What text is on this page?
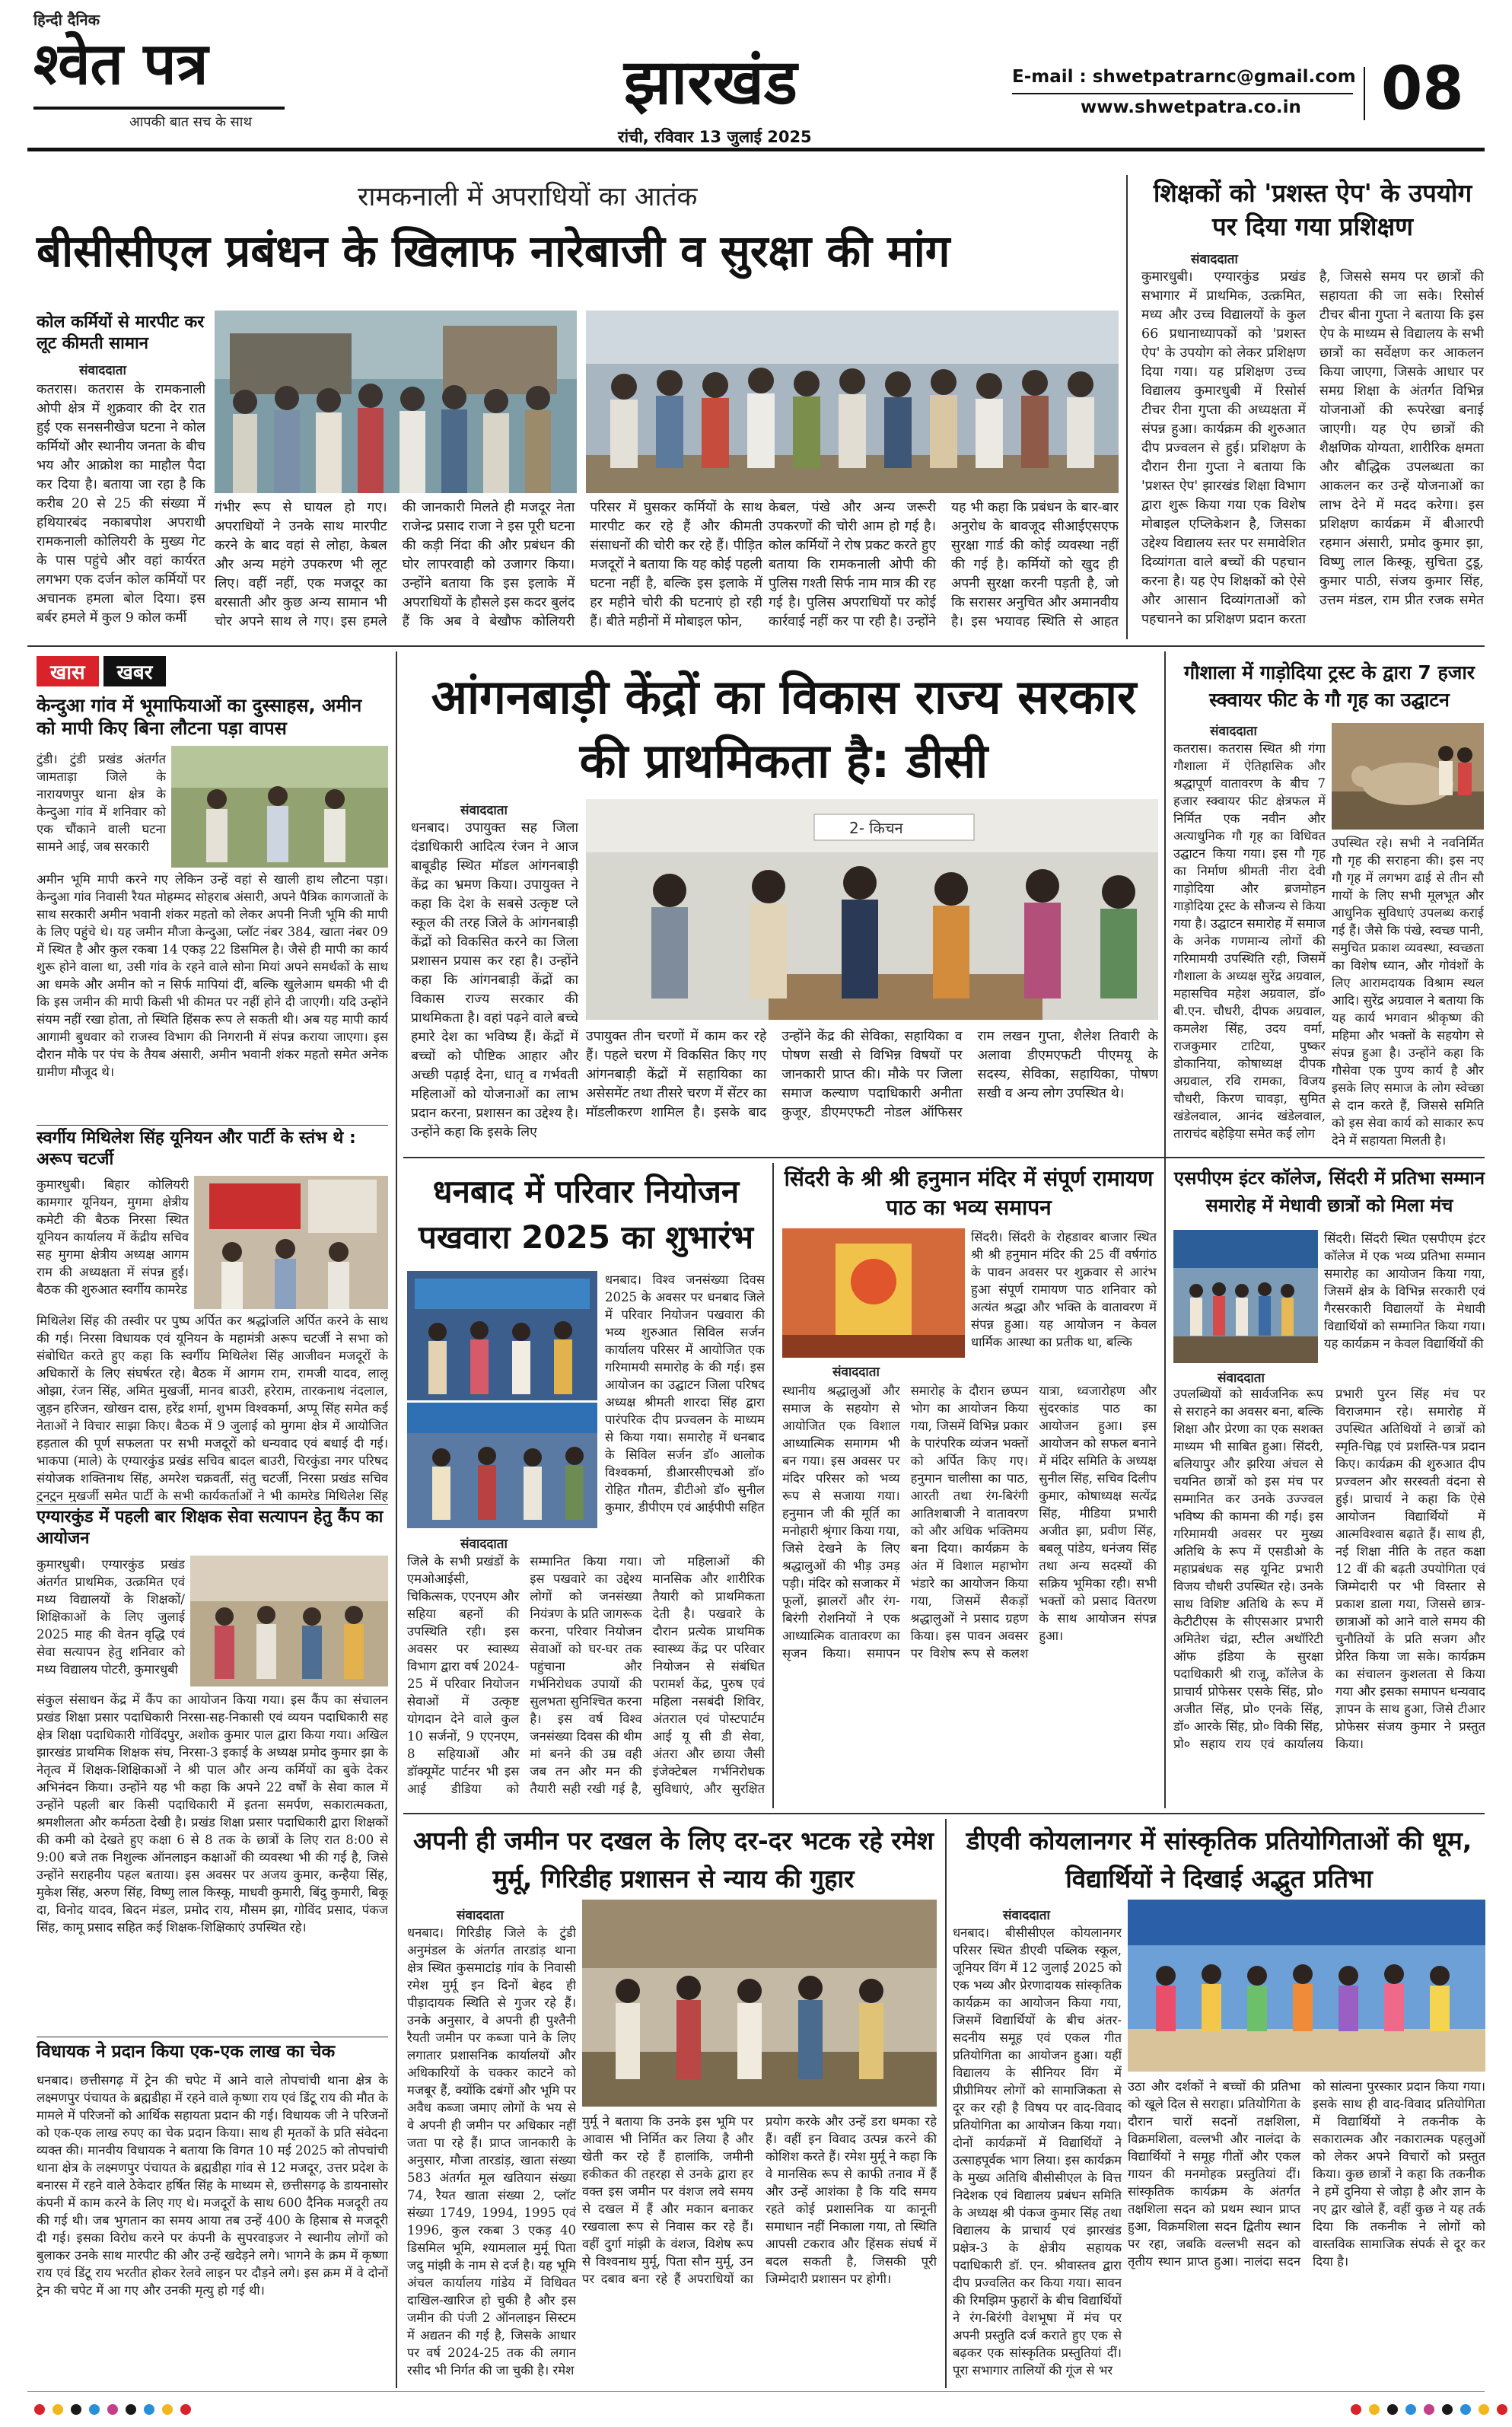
हिन्दी दैनिक
श्वेत पत्र
आपकी बात सच के साथ
झारखंड
रांची, रविवार 13 जुलाई 2025
E-mail : shwetpatrarnc@gmail.com
www.shwetpatra.co.in 08
रामकनाली में अपराधियों का आतंक
बीसीसीएल प्रबंधन के खिलाफ नारेबाजी व सुरक्षा की मांग
कोल कर्मियों से मारपीट कर लूट कीमती सामान
संवाददाता
कतरास। कतरास के रामकनाली ओपी क्षेत्र में शुक्रवार की देर रात हुई एक सनसनीखेज घटना ने कोल कर्मियों और स्थानीय जनता के बीच भय और आक्रोश का माहौल पैदा कर दिया है। बताया जा रहा है कि करीब 20 से 25 की संख्या में हथियारबंद नकाबपोश अपराधी रामकनाली कोलियरी के मुख्य गेट के पास पहुंचे और वहां कार्यरत लगभग एक दर्जन कोल कर्मियों पर अचानक हमला बोल दिया। इस बर्बर हमले में कुल 9 कोल कर्मी
गंभीर रूप से घायल हो गए। अपराधियों ने उनके साथ मारपीट करने के बाद वहां से लोहा, केबल और अन्य महंगे उपकरण भी लूट लिए। वहीं नहीं, एक मजदूर का बरसाती और कुछ अन्य सामान भी चोर अपने साथ ले गए। इस हमले की जानकारी मिलते ही मजदूर नेता राजेन्द्र प्रसाद राजा ने इस पूरी घटना की कड़ी निंदा की और प्रबंधन की घोर लापरवाही को उजागर किया। उन्होंने बताया कि इस इलाके में अपराधियों के हौसले इस कदर बुलंद हैं कि अब वे बेखौफ कोलियरी परिसर में घुसकर कर्मियों के साथ मारपीट कर रहे हैं और कीमती संसाधनों की चोरी कर रहे हैं। पीड़ित मजदूरों ने बताया कि यह कोई पहली घटना नहीं है, बल्कि इस इलाके में हर महीने चोरी की घटनाएं हो रही हैं। बीते महीनों में मोबाइल फोन,
केबल, पंखे और अन्य जरूरी उपकरणों की चोरी आम हो गई है। कोल कर्मियों ने रोष प्रकट करते हुए बताया कि रामकनाली ओपी की पुलिस गश्ती सिर्फ नाम मात्र की रह गई है। पुलिस अपराधियों पर कोई कार्रवाई नहीं कर पा रही है। उन्होंने यह भी कहा कि प्रबंधन के बार-बार अनुरोध के बावजूद सीआईएसएफ सुरक्षा गार्ड की कोई व्यवस्था नहीं की गई है। कर्मियों को खुद ही अपनी सुरक्षा करनी पड़ती है, जो कि सरासर अनुचित और अमानवीय है। इस भयावह स्थिति से आहत
शिक्षकों को 'प्रशस्त ऐप' के उपयोग पर दिया गया प्रशिक्षण
संवाददाता
कुमारधुबी। एग्यारकुंड प्रखंड सभागार में प्राथमिक, उत्क्रमित, मध्य और उच्च विद्यालयों के कुल 66 प्रधानाध्यापकों को 'प्रशस्त ऐप' के उपयोग को लेकर प्रशिक्षण दिया गया। यह प्रशिक्षण उच्च विद्यालय कुमारधुबी में रिसोर्स टीचर रीना गुप्ता की अध्यक्षता में संपन्न हुआ। कार्यक्रम की शुरुआत दीप प्रज्वलन से हुई। प्रशिक्षण के दौरान रीना गुप्ता ने बताया कि 'प्रशस्त ऐप' झारखंड शिक्षा विभाग द्वारा शुरू किया गया एक विशेष मोबाइल एप्लिकेशन है, जिसका उद्देश्य विद्यालय स्तर पर समावेशित दिव्यांगता वाले बच्चों की पहचान करना है। यह ऐप शिक्षकों को ऐसे और आसान दिव्यांगताओं को पहचानने का प्रशिक्षण प्रदान करता है, जिससे समय पर छात्रों की सहायता की जा सके। रिसोर्स टीचर बीना गुप्ता ने बताया कि इस ऐप के माध्यम से विद्यालय के सभी छात्रों का सर्वेक्षण कर आकलन किया जाएगा, जिसके आधार पर समग्र शिक्षा के अंतर्गत विभिन्न योजनाओं की रूपरेखा बनाई जाएगी। यह ऐप छात्रों की शैक्षणिक योग्यता, शारीरिक क्षमता और बौद्धिक उपलब्धता का आकलन कर उन्हें योजनाओं का लाभ देने में मदद करेगा। इस प्रशिक्षण कार्यक्रम में बीआरपी रहमान अंसारी, प्रमोद कुमार झा, विष्णु लाल किस्कू, सुचिता टुडू, कुमार पाठी, संजय कुमार सिंह, उत्तम मंडल, राम प्रीत रजक समेत
खास खबर
केन्दुआ गांव में भूमाफियाओं का दुस्साहस, अमीन को मापी किए बिना लौटना पड़ा वापस
टुंडी। टुंडी प्रखंड अंतर्गत जामताड़ा जिले के नारायणपुर थाना क्षेत्र के केन्दुआ गांव में शनिवार को एक चौंकाने वाली घटना सामने आई, जब सरकारी
अमीन भूमि मापी करने गए लेकिन उन्हें वहां से खाली हाथ लौटना पड़ा। केन्दुआ गांव निवासी रैयत मोहम्मद सोहराब अंसारी, अपने पैत्रिक कागजातों के साथ सरकारी अमीन भवानी शंकर महतो को लेकर अपनी निजी भूमि की मापी के लिए पहुंचे थे। यह जमीन मौजा केन्दुआ, प्लॉट नंबर 384, खाता नंबर 09 में स्थित है और कुल रकबा 14 एकड़ 22 डिसमिल है। जैसे ही मापी का कार्य शुरू होने वाला था, उसी गांव के रहने वाले सोना मियां अपने समर्थकों के साथ आ धमके और अमीन को न सिर्फ मापियां दीं, बल्कि खुलेआम धमकी भी दी कि इस जमीन की मापी किसी भी कीमत पर नहीं होने दी जाएगी। यदि उन्होंने संयम नहीं रखा होता, तो स्थिति हिंसक रूप ले सकती थी। अब यह मापी कार्य आगामी बुधवार को राजस्व विभाग की निगरानी में संपन्न कराया जाएगा। इस दौरान मौके पर पंच के तैयब अंसारी, अमीन भवानी शंकर महतो समेत अनेक ग्रामीण मौजूद थे।
स्वर्गीय मिथिलेश सिंह यूनियन और पार्टी के स्तंभ थे : अरूप चटर्जी
कुमारधुबी। बिहार कोलियरी कामगार यूनियन, मुगमा क्षेत्रीय कमेटी की बैठक निरसा स्थित यूनियन कार्यालय में केंद्रीय सचिव सह मुगमा क्षेत्रीय अध्यक्ष आगम राम की अध्यक्षता में संपन्न हुई। बैठक की शुरुआत स्वर्गीय कामरेड
मिथिलेश सिंह की तस्वीर पर पुष्प अर्पित कर श्रद्धांजलि अर्पित करने के साथ की गई। निरसा विधायक एवं यूनियन के महामंत्री अरूप चटर्जी ने सभा को संबोधित करते हुए कहा कि स्वर्गीय मिथिलेश सिंह आजीवन मजदूरों के अधिकारों के लिए संघर्षरत रहे। बैठक में आगम राम, रामजी यादव, लालू ओझा, रंजन सिंह, अमित मुखर्जी, मानव बाउरी, हरेराम, तारकनाथ नंदलाल, जुड़न हरिजन, खोखन दास, हरेंद्र शर्मा, शुभम विश्वकर्मा, अप्पू सिंह समेत कई नेताओं ने विचार साझा किए। बैठक में 9 जुलाई को मुगमा क्षेत्र में आयोजित हड़ताल की पूर्ण सफलता पर सभी मजदूरों को धन्यवाद एवं बधाई दी गई। भाकपा (माले) के एग्यारकुंड प्रखंड सचिव बादल बाउरी, चिरकुंडा नगर परिषद संयोजक शक्तिनाथ सिंह, अमरेश चक्रवर्ती, संतु चटर्जी, निरसा प्रखंड सचिव टुनटुन मुखर्जी समेत पार्टी के सभी कार्यकर्ताओं ने भी कामरेड मिथिलेश सिंह
एग्यारकुंड में पहली बार शिक्षक सेवा सत्यापन हेतु कैंप का आयोजन
कुमारधुबी। एग्यारकुंड प्रखंड अंतर्गत प्राथमिक, उत्क्रमित एवं मध्य विद्यालयों के शिक्षकों/शिक्षिकाओं के लिए जुलाई 2025 माह की वेतन वृद्धि एवं सेवा सत्यापन हेतु शनिवार को मध्य विद्यालय पोटरी, कुमारधुबी
संकुल संसाधन केंद्र में कैंप का आयोजन किया गया। इस कैंप का संचालन प्रखंड शिक्षा प्रसार पदाधिकारी निरसा-सह-निकासी एवं व्ययन पदाधिकारी सह क्षेत्र शिक्षा पदाधिकारी गोविंदपुर, अशोक कुमार पाल द्वारा किया गया। अखिल झारखंड प्राथमिक शिक्षक संघ, निरसा-3 इकाई के अध्यक्ष प्रमोद कुमार झा के नेतृत्व में शिक्षक-शिक्षिकाओं ने श्री पाल और अन्य कर्मियों का बुके देकर अभिनंदन किया। उन्होंने यह भी कहा कि अपने 22 वर्षों के सेवा काल में उन्होंने पहली बार किसी पदाधिकारी में इतना समर्पण, सकारात्मकता, श्रमशीलता और कर्मठता देखी है। प्रखंड शिक्षा प्रसार पदाधिकारी द्वारा शिक्षकों की कमी को देखते हुए कक्षा 6 से 8 तक के छात्रों के लिए रात 8:00 से 9:00 बजे तक निशुल्क ऑनलाइन कक्षाओं की व्यवस्था भी की गई है, जिसे उन्होंने सराहनीय पहल बताया। इस अवसर पर अजय कुमार, कन्हैया सिंह, मुकेश सिंह, अरुण सिंह, विष्णु लाल किस्कू, माधवी कुमारी, बिंदु कुमारी, बिकू दा, विनोद यादव, बिदन मंडल, प्रमोद राय, मौसम झा, गोविंद प्रसाद, पंकज सिंह, कामू प्रसाद सहित कई शिक्षक-शिक्षिकाएं उपस्थित रहे।
विधायक ने प्रदान किया एक-एक लाख का चेक
धनबाद। छत्तीसगढ़ में ट्रेन की चपेट में आने वाले तोपचांची थाना क्षेत्र के लक्ष्मणपुर पंचायत के ब्रह्मडीहा में रहने वाले कृष्णा राय एवं डिंटू राय की मौत के मामले में परिजनों को आर्थिक सहायता प्रदान की गई। विधायक जी ने परिजनों को एक-एक लाख रुपए का चेक प्रदान किया। साथ ही मृतकों के प्रति संवेदना व्यक्त की। मानवीय विधायक ने बताया कि विगत 10 मई 2025 को तोपचांची थाना क्षेत्र के लक्ष्मणपुर पंचायत के ब्रह्मडीहा गांव से 12 मजदूर, उत्तर प्रदेश के बनारस में रहने वाले ठेकेदार हर्षित सिंह के माध्यम से, छत्तीसगढ़ के डायनासोर कंपनी में काम करने के लिए गए थे। मजदूरों के साथ 600 दैनिक मजदूरी तय की गई थी। जब भुगतान का समय आया तब उन्हें 400 के हिसाब से मजदूरी दी गई। इसका विरोध करने पर कंपनी के सुपरवाइजर ने स्थानीय लोगों को बुलाकर उनके साथ मारपीट की और उन्हें खदेड़ने लगे। भागने के क्रम में कृष्णा राय एवं डिंटू राय भरतीत होकर रेलवे लाइन पर दौड़ने लगे। इस क्रम में वे दोनों ट्रेन की चपेट में आ गए और उनकी मृत्यु हो गई थी।
आंगनबाड़ी केंद्रों का विकास राज्य सरकार की प्राथमिकता है: डीसी
संवाददाता
धनबाद। उपायुक्त सह जिला दंडाधिकारी आदित्य रंजन ने आज बाबूडीह स्थित मॉडल आंगनबाड़ी केंद्र का भ्रमण किया। उपायुक्त ने कहा कि देश के सबसे उत्कृष्ट प्ले स्कूल की तरह जिले के आंगनबाड़ी केंद्रों को विकसित करने का जिला प्रशासन प्रयास कर रहा है। उन्होंने कहा कि आंगनबाड़ी केंद्रों का विकास राज्य सरकार की प्राथमिकता है। वहां पढ़ने वाले बच्चे हमारे देश का भविष्य हैं। केंद्रों में बच्चों को पौष्टिक आहार और अच्छी पढ़ाई देना, धातृ व गर्भवती महिलाओं को योजनाओं का लाभ प्रदान करना, प्रशासन का उद्देश्य है। उन्होंने कहा कि इसके लिए
2- किचन
उपायुक्त तीन चरणों में काम कर रहे हैं। पहले चरण में विकसित किए गए आंगनबाड़ी केंद्रों में सहायिका का असेसमेंट तथा तीसरे चरण में सेंटर का मॉडलीकरण शामिल है। इसके बाद उन्होंने केंद्र की सेविका, सहायिका व पोषण सखी से विभिन्न विषयों पर जानकारी प्राप्त की। मौके पर जिला समाज कल्याण पदाधिकारी अनीता कुजूर, डीएमएफटी नोडल ऑफिसर राम लखन गुप्ता, शैलेश तिवारी के अलावा डीएमएफटी पीएमयू के सदस्य, सेविका, सहायिका, पोषण सखी व अन्य लोग उपस्थित थे।
धनबाद में परिवार नियोजन पखवारा 2025 का शुभारंभ
धनबाद। विश्व जनसंख्या दिवस 2025 के अवसर पर धनबाद जिले में परिवार नियोजन पखवारा की भव्य शुरुआत सिविल सर्जन कार्यालय परिसर में आयोजित एक गरिमामयी समारोह के की गई। इस आयोजन का उद्घाटन जिला परिषद अध्यक्ष श्रीमती शारदा सिंह द्वारा पारंपरिक दीप प्रज्वलन के माध्यम से किया गया। समारोह में धनबाद के सिविल सर्जन डॉ० आलोक विश्वकर्मा, डीआरसीएचओ डॉ० रोहित गौतम, डीटीओ डॉ० सुनील कुमार, डीपीएम एवं आईपीपी सहित
संवाददाता
जिले के सभी प्रखंडों के एमओआईसी, चिकित्सक, एएनएम और सहिया बहनों की उपस्थिति रही। इस अवसर पर स्वास्थ्य विभाग द्वारा वर्ष 2024-25 में परिवार नियोजन सेवाओं में उत्कृष्ट योगदान देने वाले कुल 10 सर्जनों, 9 एएनएम, 8 सहियाओं और डॉक्यूमेंट पार्टनर भी इस आई डीडिया को सम्मानित किया गया। इस पखवारे का उद्देश्य लोगों को जनसंख्या नियंत्रण के प्रति जागरूक करना, परिवार नियोजन सेवाओं को घर-घर तक पहुंचाना और गर्भनिरोधक उपायों की सुलभता सुनिश्चित करना है। इस वर्ष विश्व जनसंख्या दिवस की थीम मां बनने की उम्र वही जब तन और मन की तैयारी सही रखी गई है, जो महिलाओं की मानसिक और शारीरिक तैयारी को प्राथमिकता देती है। पखवारे के दौरान प्रत्येक प्राथमिक स्वास्थ्य केंद्र पर परिवार नियोजन से संबंधित परामर्श केंद्र, पुरुष एवं महिला नसबंदी शिविर, अंतराल एवं पोस्टपार्टम आई यू सी डी सेवा, अंतरा और छाया जैसी इंजेक्टेबल गर्भनिरोधक सुविधाएं, और सुरक्षित
सिंदरी के श्री श्री हनुमान मंदिर में संपूर्ण रामायण पाठ का भव्य समापन
सिंदरी। सिंदरी के रोहडावर बाजार स्थित श्री श्री हनुमान मंदिर की 25 वीं वर्षगांठ के पावन अवसर पर शुक्रवार से आरंभ हुआ संपूर्ण रामायण पाठ शनिवार को अत्यंत श्रद्धा और भक्ति के वातावरण में संपन्न हुआ। यह आयोजन न केवल धार्मिक आस्था का प्रतीक था, बल्कि
संवाददाता
स्थानीय श्रद्धालुओं और समाज के सहयोग से आयोजित एक विशाल आध्यात्मिक समागम भी बन गया। इस अवसर पर मंदिर परिसर को भव्य रूप से सजाया गया। हनुमान जी की मूर्ति का मनोहारी श्रृंगार किया गया, जिसे देखने के लिए श्रद्धालुओं की भीड़ उमड़ पड़ी। मंदिर को सजाकर में फूलों, झालरों और रंग-बिरंगी रोशनियों ने एक आध्यात्मिक वातावरण का सृजन किया। समापन समारोह के दौरान छप्पन भोग का आयोजन किया गया, जिसमें विभिन्न प्रकार के पारंपरिक व्यंजन भक्तों को अर्पित किए गए। हनुमान चालीसा का पाठ, आरती तथा रंग-बिरंगी आतिशबाजी ने वातावरण को और अधिक भक्तिमय बना दिया। कार्यक्रम के अंत में विशाल महाभोग भंडारे का आयोजन किया गया, जिसमें सैकड़ों श्रद्धालुओं ने प्रसाद ग्रहण किया। इस पावन अवसर पर विशेष रूप से कलश यात्रा, ध्वजारोहण और सुंदरकांड पाठ का आयोजन हुआ। इस आयोजन को सफल बनाने में मंदिर समिति के अध्यक्ष सुनील सिंह, सचिव दिलीप कुमार, कोषाध्यक्ष सत्येंद्र सिंह, मीडिया प्रभारी अजीत झा, प्रवीण सिंह, बबलू पांडेय, धनंजय सिंह तथा अन्य सदस्यों की सक्रिय भूमिका रही। सभी भक्तों को प्रसाद वितरण के साथ आयोजन संपन्न हुआ।
गौशाला में गाड़ोदिया ट्रस्ट के द्वारा 7 हजार स्क्वायर फीट के गौ गृह का उद्घाटन
संवाददाता
कतरास। कतरास स्थित श्री गंगा गौशाला में ऐतिहासिक और श्रद्धापूर्ण वातावरण के बीच 7 हजार स्क्वायर फीट क्षेत्रफल में निर्मित एक नवीन और अत्याधुनिक गौ गृह का विधिवत उद्घाटन किया गया। इस गौ गृह का निर्माण श्रीमती नीरा देवी गाड़ोदिया और ब्रजमोहन गाड़ोदिया ट्रस्ट के सौजन्य से किया गया है। उद्घाटन समारोह में समाज के अनेक गणमान्य लोगों की गरिमामयी उपस्थिति रही, जिसमें गौशाला के अध्यक्ष सुरेंद्र अग्रवाल, महासचिव महेश अग्रवाल, डॉ० बी.एन. चौधरी, दीपक अग्रवाल, कमलेश सिंह, उदय वर्मा, राजकुमार टाटिया, पुष्कर डोकानिया, कोषाध्यक्ष दीपक अग्रवाल, रवि रामका, विजय चौधरी, किरण चावड़ा, सुमित खंडेलवाल, आनंद खंडेलवाल, ताराचंद बहेड़िया समेत कई लोग
उपस्थित रहे। सभी ने नवनिर्मित गौ गृह की सराहना की। इस नए गौ गृह में लगभग ढाई से तीन सौ गायों के लिए सभी मूलभूत और आधुनिक सुविधाएं उपलब्ध कराई गई हैं। जैसे कि पंखे, स्वच्छ पानी, समुचित प्रकाश व्यवस्था, स्वच्छता का विशेष ध्यान, और गोवंशों के लिए आरामदायक विश्राम स्थल आदि। सुरेंद्र अग्रवाल ने बताया कि यह कार्य भगवान श्रीकृष्ण की महिमा और भक्तों के सहयोग से संपन्न हुआ है। उन्होंने कहा कि गौसेवा एक पुण्य कार्य है और इसके लिए समाज के लोग स्वेच्छा से दान करते हैं, जिससे समिति को इस सेवा कार्य को साकार रूप देने में सहायता मिलती है।
एसपीएम इंटर कॉलेज, सिंदरी में प्रतिभा सम्मान समारोह में मेधावी छात्रों को मिला मंच
सिंदरी। सिंदरी स्थित एसपीएम इंटर कॉलेज में एक भव्य प्रतिभा सम्मान समारोह का आयोजन किया गया, जिसमें क्षेत्र के विभिन्न सरकारी एवं गैरसरकारी विद्यालयों के मेधावी विद्यार्थियों को सम्मानित किया गया। यह कार्यक्रम न केवल विद्यार्थियों की
संवाददाता
उपलब्धियों को सार्वजनिक रूप से सराहने का अवसर बना, बल्कि शिक्षा और प्रेरणा का एक सशक्त माध्यम भी साबित हुआ। सिंदरी, बलियापुर और झरिया अंचल से चयनित छात्रों को इस मंच पर सम्मानित कर उनके उज्ज्वल भविष्य की कामना की गई। इस गरिमामयी अवसर पर मुख्य अतिथि के रूप में एसडीओ के महाप्रबंधक सह यूनिट प्रभारी विजय चौधरी उपस्थित रहे। उनके साथ विशिष्ट अतिथि के रूप में केटीटीएस के सीएसआर प्रभारी अमितेश चंद्रा, स्टील अथॉरिटी ऑफ इंडिया के सुरक्षा पदाधिकारी श्री राजू, कॉलेज के प्राचार्य प्रोफेसर एसके सिंह, प्रो० अजीत सिंह, प्रो० एनके सिंह, डॉ० आरके सिंह, प्रो० विकी सिंह, प्रो० सहाय राय एवं कार्यालय प्रभारी पुरन सिंह मंच पर विराजमान रहे। समारोह में उपस्थित अतिथियों ने छात्रों को स्मृति-चिह्न एवं प्रशस्ति-पत्र प्रदान किए। कार्यक्रम की शुरुआत दीप प्रज्वलन और सरस्वती वंदना से हुई। प्राचार्य ने कहा कि ऐसे आयोजन विद्यार्थियों में आत्मविश्वास बढ़ाते हैं। साथ ही, नई शिक्षा नीति के तहत कक्षा 12 वीं की बढ़ती उपयोगिता एवं जिम्मेदारी पर भी विस्तार से प्रकाश डाला गया, जिससे छात्र-छात्राओं को आने वाले समय की चुनौतियों के प्रति सजग और प्रेरित किया जा सके। कार्यक्रम का संचालन कुशलता से किया गया और इसका समापन धन्यवाद ज्ञापन के साथ हुआ, जिसे टीआर प्रोफेसर संजय कुमार ने प्रस्तुत किया।
अपनी ही जमीन पर दखल के लिए दर-दर भटक रहे रमेश मुर्मू, गिरिडीह प्रशासन से न्याय की गुहार
संवाददाता
धनबाद। गिरिडीह जिले के टुंडी अनुमंडल के अंतर्गत तारडांड़ थाना क्षेत्र स्थित कुसमाटांड़ गांव के निवासी रमेश मुर्मू इन दिनों बेहद ही पीड़ादायक स्थिति से गुजर रहे हैं। उनके अनुसार, वे अपनी ही पुश्तैनी रैयती जमीन पर कब्जा पाने के लिए लगातार प्रशासनिक कार्यालयों और अधिकारियों के चक्कर काटने को मजबूर हैं, क्योंकि दबंगों और भूमि पर अवैध कब्जा जमाए लोगों के भय से वे अपनी ही जमीन पर अधिकार नहीं जता पा रहे हैं। प्राप्त जानकारी के अनुसार, मौजा तारडांड़, खाता संख्या 583 अंतर्गत मूल खतियान संख्या 74, रैयत खाता संख्या 2, प्लॉट संख्या 1749, 1994, 1995 एवं 1996, कुल रकबा 3 एकड़ 40 डिसमिल भूमि, श्यामलाल मुर्मू पिता जदु मांझी के नाम से दर्ज है। यह भूमि अंचल कार्यालय गांडेय में विधिवत दाखिल-खारिज हो चुकी है और इस जमीन की पंजी 2 ऑनलाइन सिस्टम में अद्यतन की गई है, जिसके आधार पर वर्ष 2024-25 तक की लगान रसीद भी निर्गत की जा चुकी है। रमेश
मुर्मू ने बताया कि उनके इस भूमि पर आवास भी निर्मित कर लिया है और खेती कर रहे हैं हालांकि, जमीनी हकीकत की तहरहा से उनके द्वारा हर वक्त इस जमीन पर वंशज लवे समय से दखल में हैं और मकान बनाकर रखवाला रूप से निवास कर रहे हैं। वहीं दुर्गा मांझी के वंशज, विशेष रूप से विश्वनाथ मुर्मू, पिता सौन मुर्मू, उन पर दबाव बना रहे हैं अपराधियों का प्रयोग करके और उन्हें डरा धमका रहे हैं। वहीं इन विवाद उत्पन्न करने की कोशिश करते हैं। रमेश मुर्मू ने कहा कि वे मानसिक रूप से काफी तनाव में हैं और उन्हें आशंका है कि यदि समय रहते कोई प्रशासनिक या कानूनी समाधान नहीं निकाला गया, तो स्थिति आपसी टकराव और हिंसक संघर्ष में बदल सकती है, जिसकी पूरी जिम्मेदारी प्रशासन पर होगी।
डीएवी कोयलानगर में सांस्कृतिक प्रतियोगिताओं की धूम, विद्यार्थियों ने दिखाई अद्भुत प्रतिभा
संवाददाता
धनबाद। बीसीसीएल कोयलानगर परिसर स्थित डीएवी पब्लिक स्कूल, जूनियर विंग में 12 जुलाई 2025 को एक भव्य और प्रेरणादायक सांस्कृतिक कार्यक्रम का आयोजन किया गया, जिसमें विद्यार्थियों के बीच अंतर-सदनीय समूह एवं एकल गीत प्रतियोगिता का आयोजन हुआ। यहीं विद्यालय के सीनियर विंग में प्रीप्रीमियर लोगों को सामाजिकता से दूर कर रही है विषय पर वाद-विवाद प्रतियोगिता का आयोजन किया गया। दोनों कार्यक्रमों में विद्यार्थियों ने उत्साहपूर्वक भाग लिया। इस कार्यक्रम के मुख्य अतिथि बीसीसीएल के वित्त निदेशक एवं विद्यालय प्रबंधन समिति के अध्यक्ष श्री पंकज कुमार सिंह तथा विद्यालय के प्राचार्य एवं झारखंड प्रक्षेत्र-3 के क्षेत्रीय सहायक पदाधिकारी डॉ. एन. श्रीवास्तव द्वारा दीप प्रज्वलित कर किया गया। सावन की रिमझिम फुहारों के बीच विद्यार्थियों ने रंग-बिरंगी वेशभूषा में मंच पर अपनी प्रस्तुति दर्ज कराते हुए एक से बढ़कर एक सांस्कृतिक प्रस्तुतियां दीं। पूरा सभागार तालियों की गूंज से भर
उठा और दर्शकों ने बच्चों की प्रतिभा को खूले दिल से सराहा। प्रतियोगिता के दौरान चारों सदनों तक्षशिला, विक्रमशिला, वल्लभी और नालंदा के विद्यार्थियों ने समूह गीतों और एकल गायन की मनमोहक प्रस्तुतियां दीं। सांस्कृतिक कार्यक्रम के अंतर्गत तक्षशिला सदन को प्रथम स्थान प्राप्त हुआ, विक्रमशिला सदन द्वितीय स्थान पर रहा, जबकि वल्लभी सदन को तृतीय स्थान प्राप्त हुआ। नालंदा सदन को सांत्वना पुरस्कार प्रदान किया गया। इसके साथ ही वाद-विवाद प्रतियोगिता में विद्यार्थियों ने तकनीक के सकारात्मक और नकारात्मक पहलुओं को लेकर अपने विचारों को प्रस्तुत किया। कुछ छात्रों ने कहा कि तकनीक ने हमें दुनिया से जोड़ा है और ज्ञान के नए द्वार खोले हैं, वहीं कुछ ने यह तर्क दिया कि तकनीक ने लोगों को वास्तविक सामाजिक संपर्क से दूर कर दिया है।
